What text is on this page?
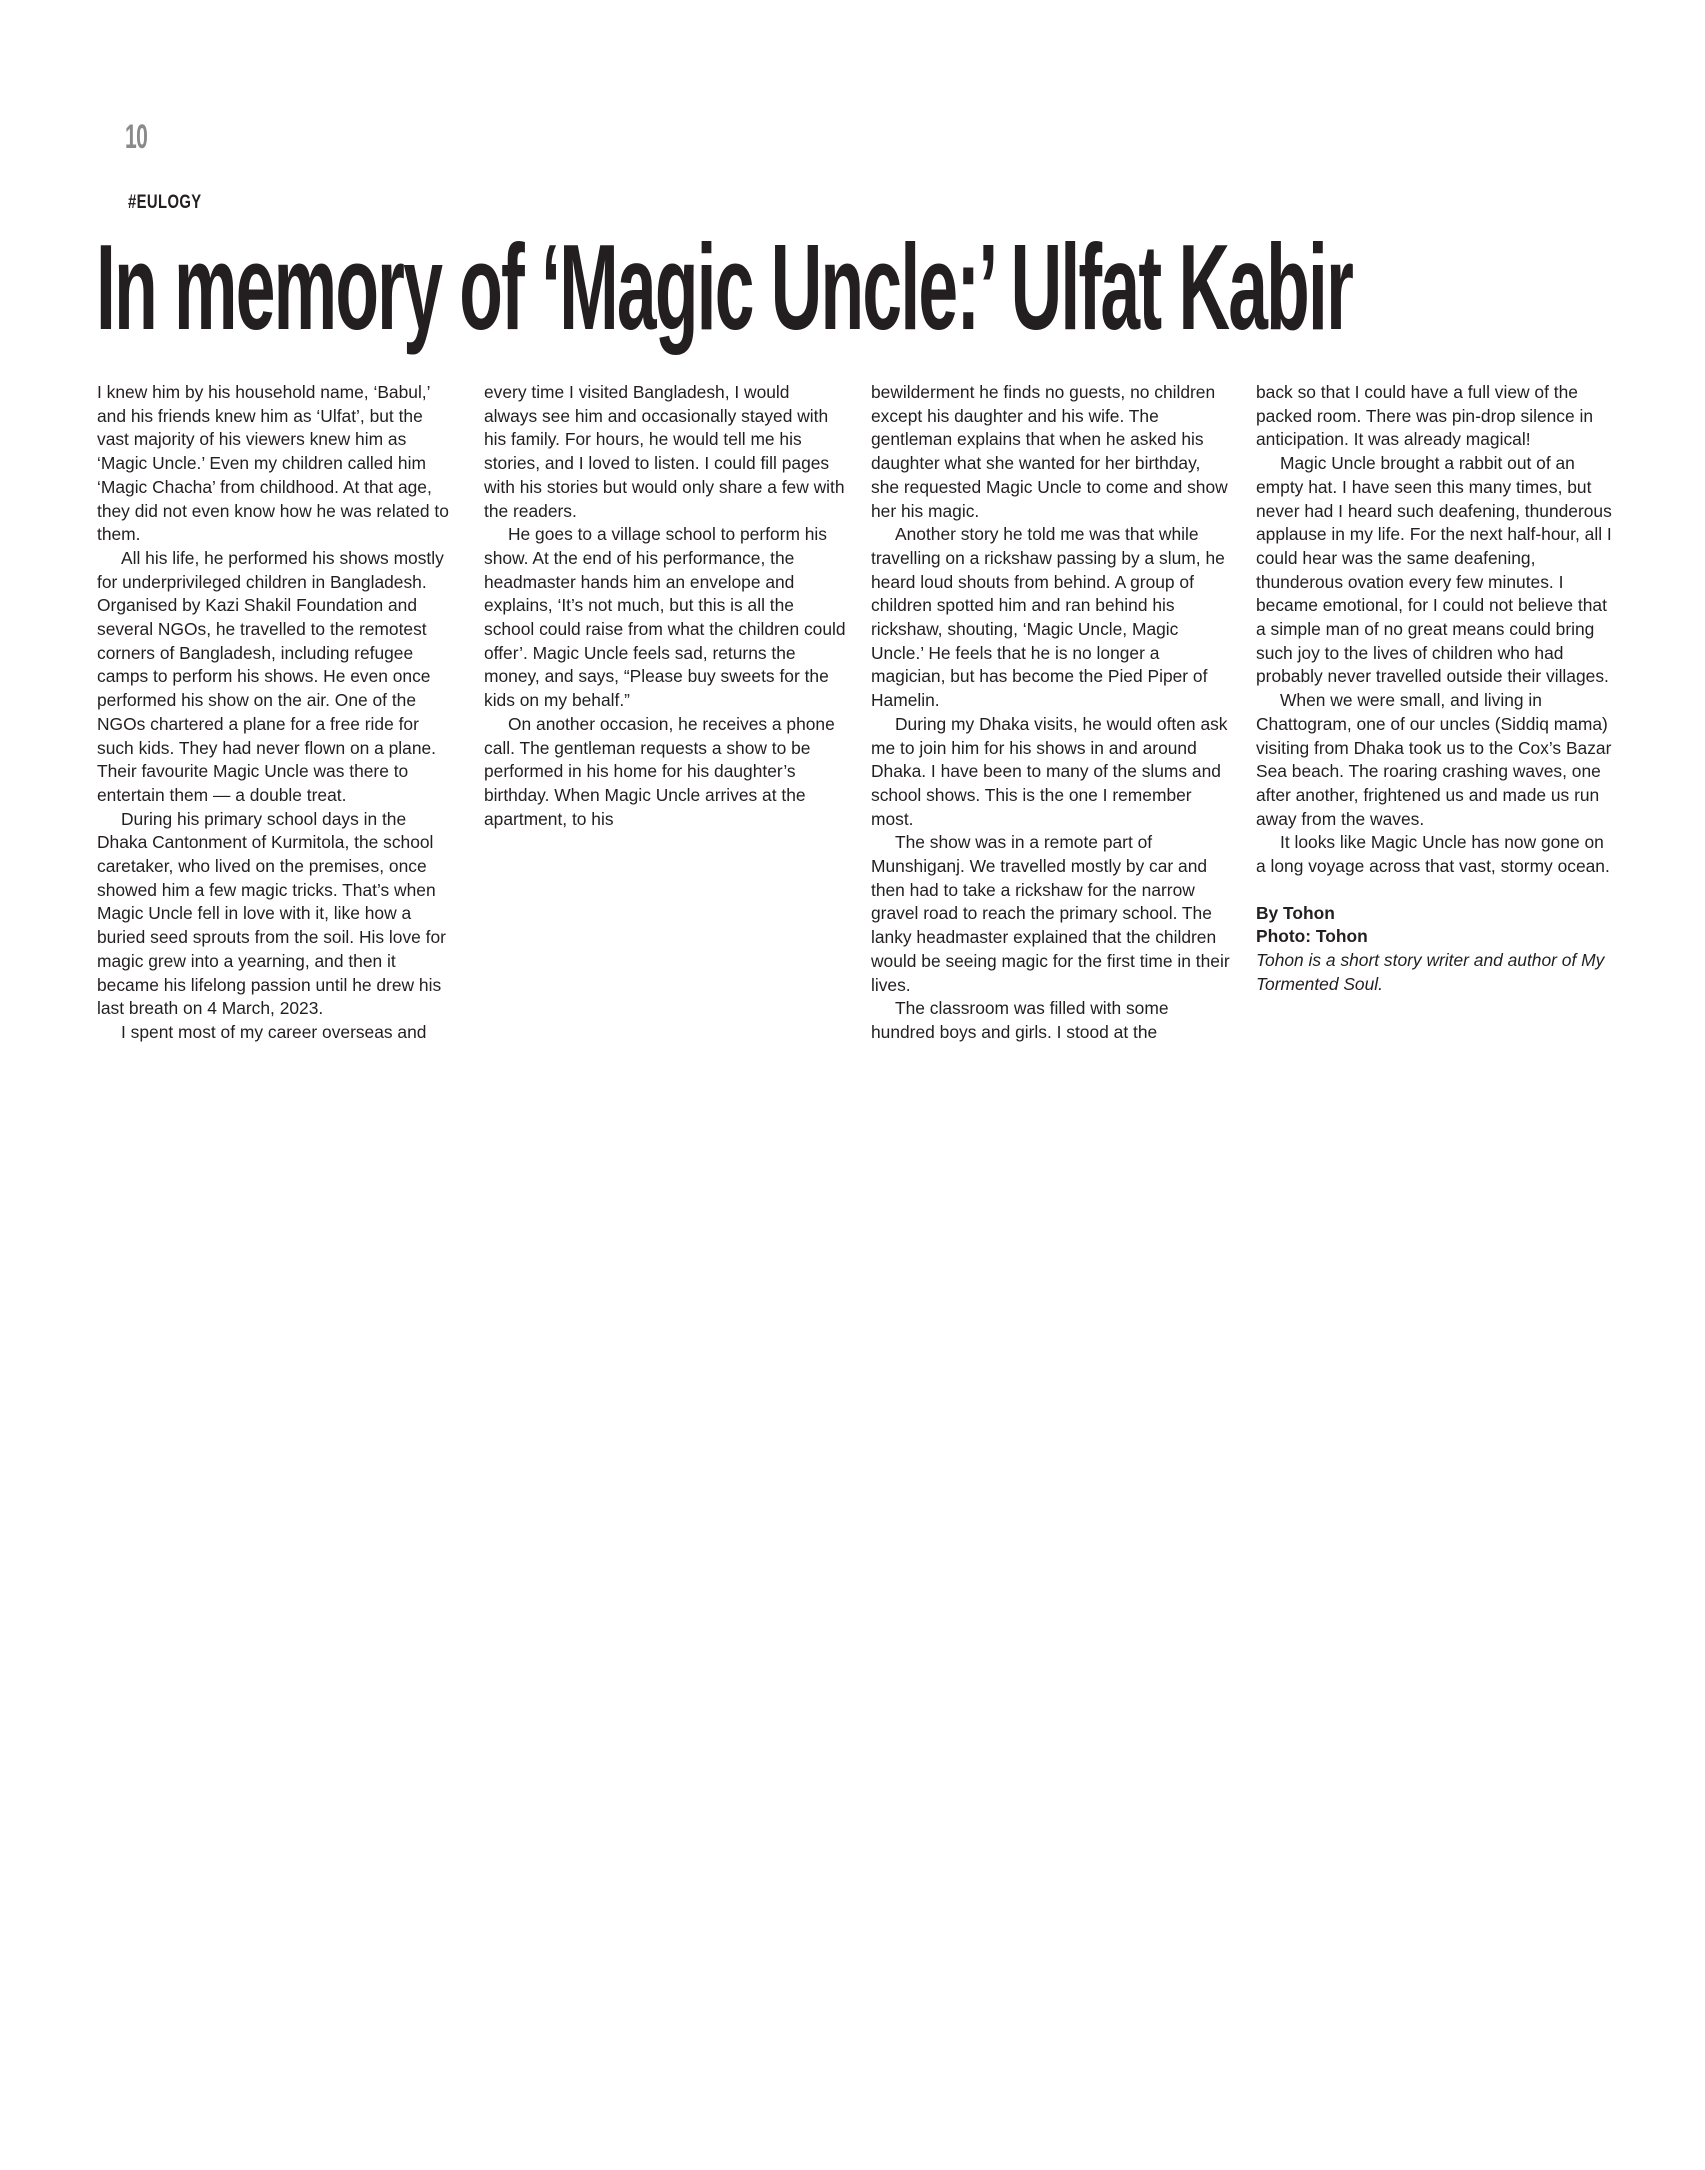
10
#EULOGY
In memory of ‘Magic Uncle:’ Ulfat Kabir

I knew him by his household name, ‘Babul,’ and his friends knew him as ‘Ulfat’, but the vast majority of his viewers knew him as ‘Magic Uncle.’ Even my children called him ‘Magic Chacha’ from childhood. At that age, they did not even know how he was related to them.

All his life, he performed his shows mostly for underprivileged children in Bangladesh. Organised by Kazi Shakil Foundation and several NGOs, he travelled to the remotest corners of Bangladesh, including refugee camps to perform his shows. He even once performed his show on the air. One of the NGOs chartered a plane for a free ride for such kids. They had never flown on a plane. Their favourite Magic Uncle was there to entertain them — a double treat.

During his primary school days in the Dhaka Cantonment of Kurmitola, the school caretaker, who lived on the premises, once showed him a few magic tricks. That’s when Magic Uncle fell in love with it, like how a buried seed sprouts from the soil. His love for magic grew into a yearning, and then it became his lifelong passion until he drew his last breath on 4 March, 2023.

I spent most of my career overseas and

every time I visited Bangladesh, I would always see him and occasionally stayed with his family. For hours, he would tell me his stories, and I loved to listen. I could fill pages with his stories but would only share a few with the readers.

He goes to a village school to perform his show. At the end of his performance, the headmaster hands him an envelope and explains, ‘It’s not much, but this is all the school could raise from what the children could offer’. Magic Uncle feels sad, returns the money, and says, “Please buy sweets for the kids on my behalf.”

On another occasion, he receives a phone call. The gentleman requests a show to be performed in his home for his daughter’s birthday. When Magic Uncle arrives at the apartment, to his

bewilderment he finds no guests, no children except his daughter and his wife. The gentleman explains that when he asked his daughter what she wanted for her birthday, she requested Magic Uncle to come and show her his magic.

Another story he told me was that while travelling on a rickshaw passing by a slum, he heard loud shouts from behind. A group of children spotted him and ran behind his rickshaw, shouting, ‘Magic Uncle, Magic Uncle.’ He feels that he is no longer a magician, but has become the Pied Piper of Hamelin.

During my Dhaka visits, he would often ask me to join him for his shows in and around Dhaka. I have been to many of the slums and school shows. This is the one I remember most.

The show was in a remote part of Munshiganj. We travelled mostly by car and then had to take a rickshaw for the narrow gravel road to reach the primary school. The lanky headmaster explained that the children would be seeing magic for the first time in their lives.

The classroom was filled with some hundred boys and girls. I stood at the

back so that I could have a full view of the packed room. There was pin-drop silence in anticipation. It was already magical!

Magic Uncle brought a rabbit out of an empty hat. I have seen this many times, but never had I heard such deafening, thunderous applause in my life. For the next half-hour, all I could hear was the same deafening, thunderous ovation every few minutes. I became emotional, for I could not believe that a simple man of no great means could bring such joy to the lives of children who had probably never travelled outside their villages.

When we were small, and living in Chattogram, one of our uncles (Siddiq mama) visiting from Dhaka took us to the Cox’s Bazar Sea beach. The roaring crashing waves, one after another, frightened us and made us run away from the waves.

It looks like Magic Uncle has now gone on a long voyage across that vast, stormy ocean.

By Tohon
Photo: Tohon
Tohon is a short story writer and author of My Tormented Soul.
